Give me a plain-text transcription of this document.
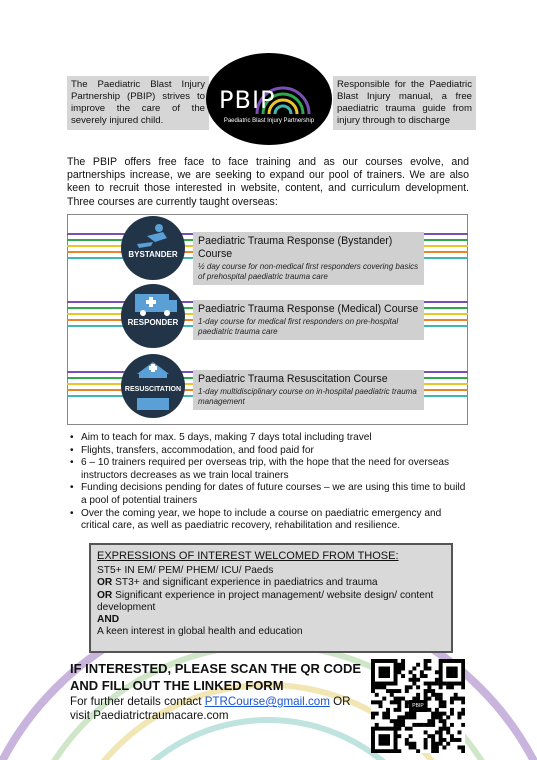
The Paediatric Blast Injury Partnership (PBIP) strives to improve the care of the severely injured child.
PBIP
Paediatric Blast Injury Partnership
Responsible for the Paediatric Blast Injury manual, a free paediatric trauma guide from injury through to discharge
The PBIP offers free face to face training and as our courses evolve, and partnerships increase, we are seeking to expand our pool of trainers. We are also keen to recruit those interested in website, content, and curriculum development. Three courses are currently taught overseas:
BYSTANDER
RESPONDER
RESUSCITATION
Paediatric Trauma Response (Bystander) Course
½ day course for non-medical first responders covering basics of prehospital paediatric trauma care
Paediatric Trauma Response (Medical) Course
1-day course for medical first responders on pre-hospital paediatric trauma care
Paediatric Trauma Resuscitation Course
1-day multidisciplinary course on in-hospital paediatric trauma management
• Aim to teach for max. 5 days, making 7 days total including travel
• Flights, transfers, accommodation, and food paid for
• 6 – 10 trainers required per overseas trip, with the hope that the need for overseas instructors decreases as we train local trainers
• Funding decisions pending for dates of future courses – we are using this time to build a pool of potential trainers
• Over the coming year, we hope to include a course on paediatric emergency and critical care, as well as paediatric recovery, rehabilitation and resilience.
EXPRESSIONS OF INTEREST WELCOMED FROM THOSE:
ST5+ IN EM/ PEM/ PHEM/ ICU/ Paeds
OR ST3+ and significant experience in paediatrics and trauma
OR Significant experience in project management/ website design/ content development
AND
A keen interest in global health and education
IF INTERESTED, PLEASE SCAN THE QR CODE
AND FILL OUT THE LINKED FORM
For further details contact PTRCourse@gmail.com OR
visit Paediatrictraumacare.com
PBIP
